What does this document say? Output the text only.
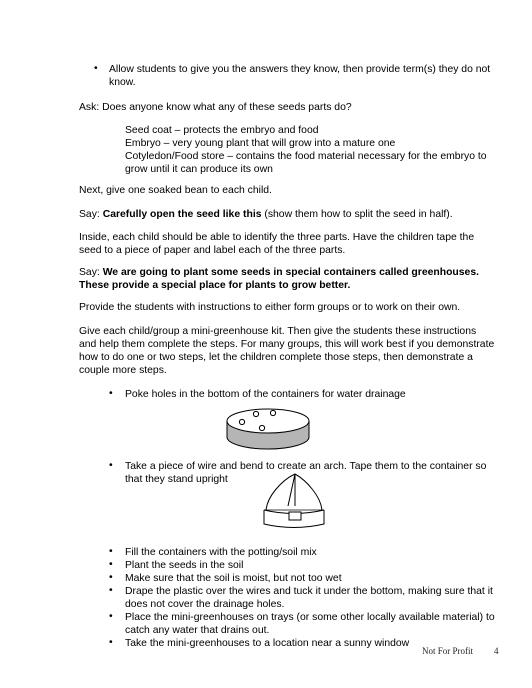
• Allow students to give you the answers they know, then provide term(s) they do not know.
Ask: Does anyone know what any of these seeds parts do?
Seed coat – protects the embryo and food
Embryo – very young plant that will grow into a mature one
Cotyledon/Food store – contains the food material necessary for the embryo to grow until it can produce its own
Next, give one soaked bean to each child.
Say: Carefully open the seed like this (show them how to split the seed in half).
Inside, each child should be able to identify the three parts. Have the children tape the seed to a piece of paper and label each of the three parts.
Say: We are going to plant some seeds in special containers called greenhouses. These provide a special place for plants to grow better.
Provide the students with instructions to either form groups or to work on their own.
Give each child/group a mini-greenhouse kit. Then give the students these instructions and help them complete the steps. For many groups, this will work best if you demonstrate how to do one or two steps, let the children complete those steps, then demonstrate a couple more steps.
• Poke holes in the bottom of the containers for water drainage
• Take a piece of wire and bend to create an arch. Tape them to the container so that they stand upright
• Fill the containers with the potting/soil mix
• Plant the seeds in the soil
• Make sure that the soil is moist, but not too wet
• Drape the plastic over the wires and tuck it under the bottom, making sure that it does not cover the drainage holes.
• Place the mini-greenhouses on trays (or some other locally available material) to catch any water that drains out.
• Take the mini-greenhouses to a location near a sunny window
Not For Profit 4
